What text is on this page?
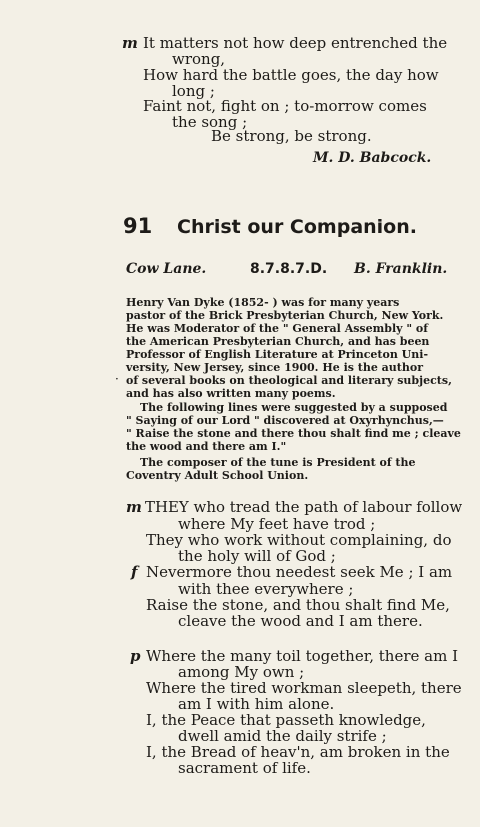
m It matters not how deep entrenched the
wrong,
How hard the battle goes, the day how
long ;
Faint not, fight on ; to-morrow comes
the song ;
Be strong, be strong.
M. D. Babcock.
91 Christ our Companion.
Cow Lane.	8.7.8.7.D. B. Franklin.
Henry Van Dyke (1852- ) was for many years
pastor of the Brick Presbyterian Church, New York.
He was Moderator of the " General Assembly " of
the American Presbyterian Church, and has been
Professor of English Literature at Princeton Uni-
versity, New Jersey, since 1900. He is the author
of several books on theological and literary subjects,
and has also written many poems.
The following lines were suggested by a supposed
" Saying of our Lord " discovered at Oxyrhynchus,—
" Raise the stone and there thou shalt find me ; cleave
the wood and there am I."
The composer of the tune is President of the
Coventry Adult School Union.
·
m THEY who tread the path of labour follow
where My feet have trod ;
They who work without complaining, do
the holy will of God ;
f Nevermore thou needest seek Me ; I am
with thee everywhere ;
Raise the stone, and thou shalt find Me,
cleave the wood and I am there.
p Where the many toil together, there am I
among My own ;
Where the tired workman sleepeth, there
am I with him alone.
I, the Peace that passeth knowledge,
dwell amid the daily strife ;
I, the Bread of heav'n, am broken in the
sacrament of life.
